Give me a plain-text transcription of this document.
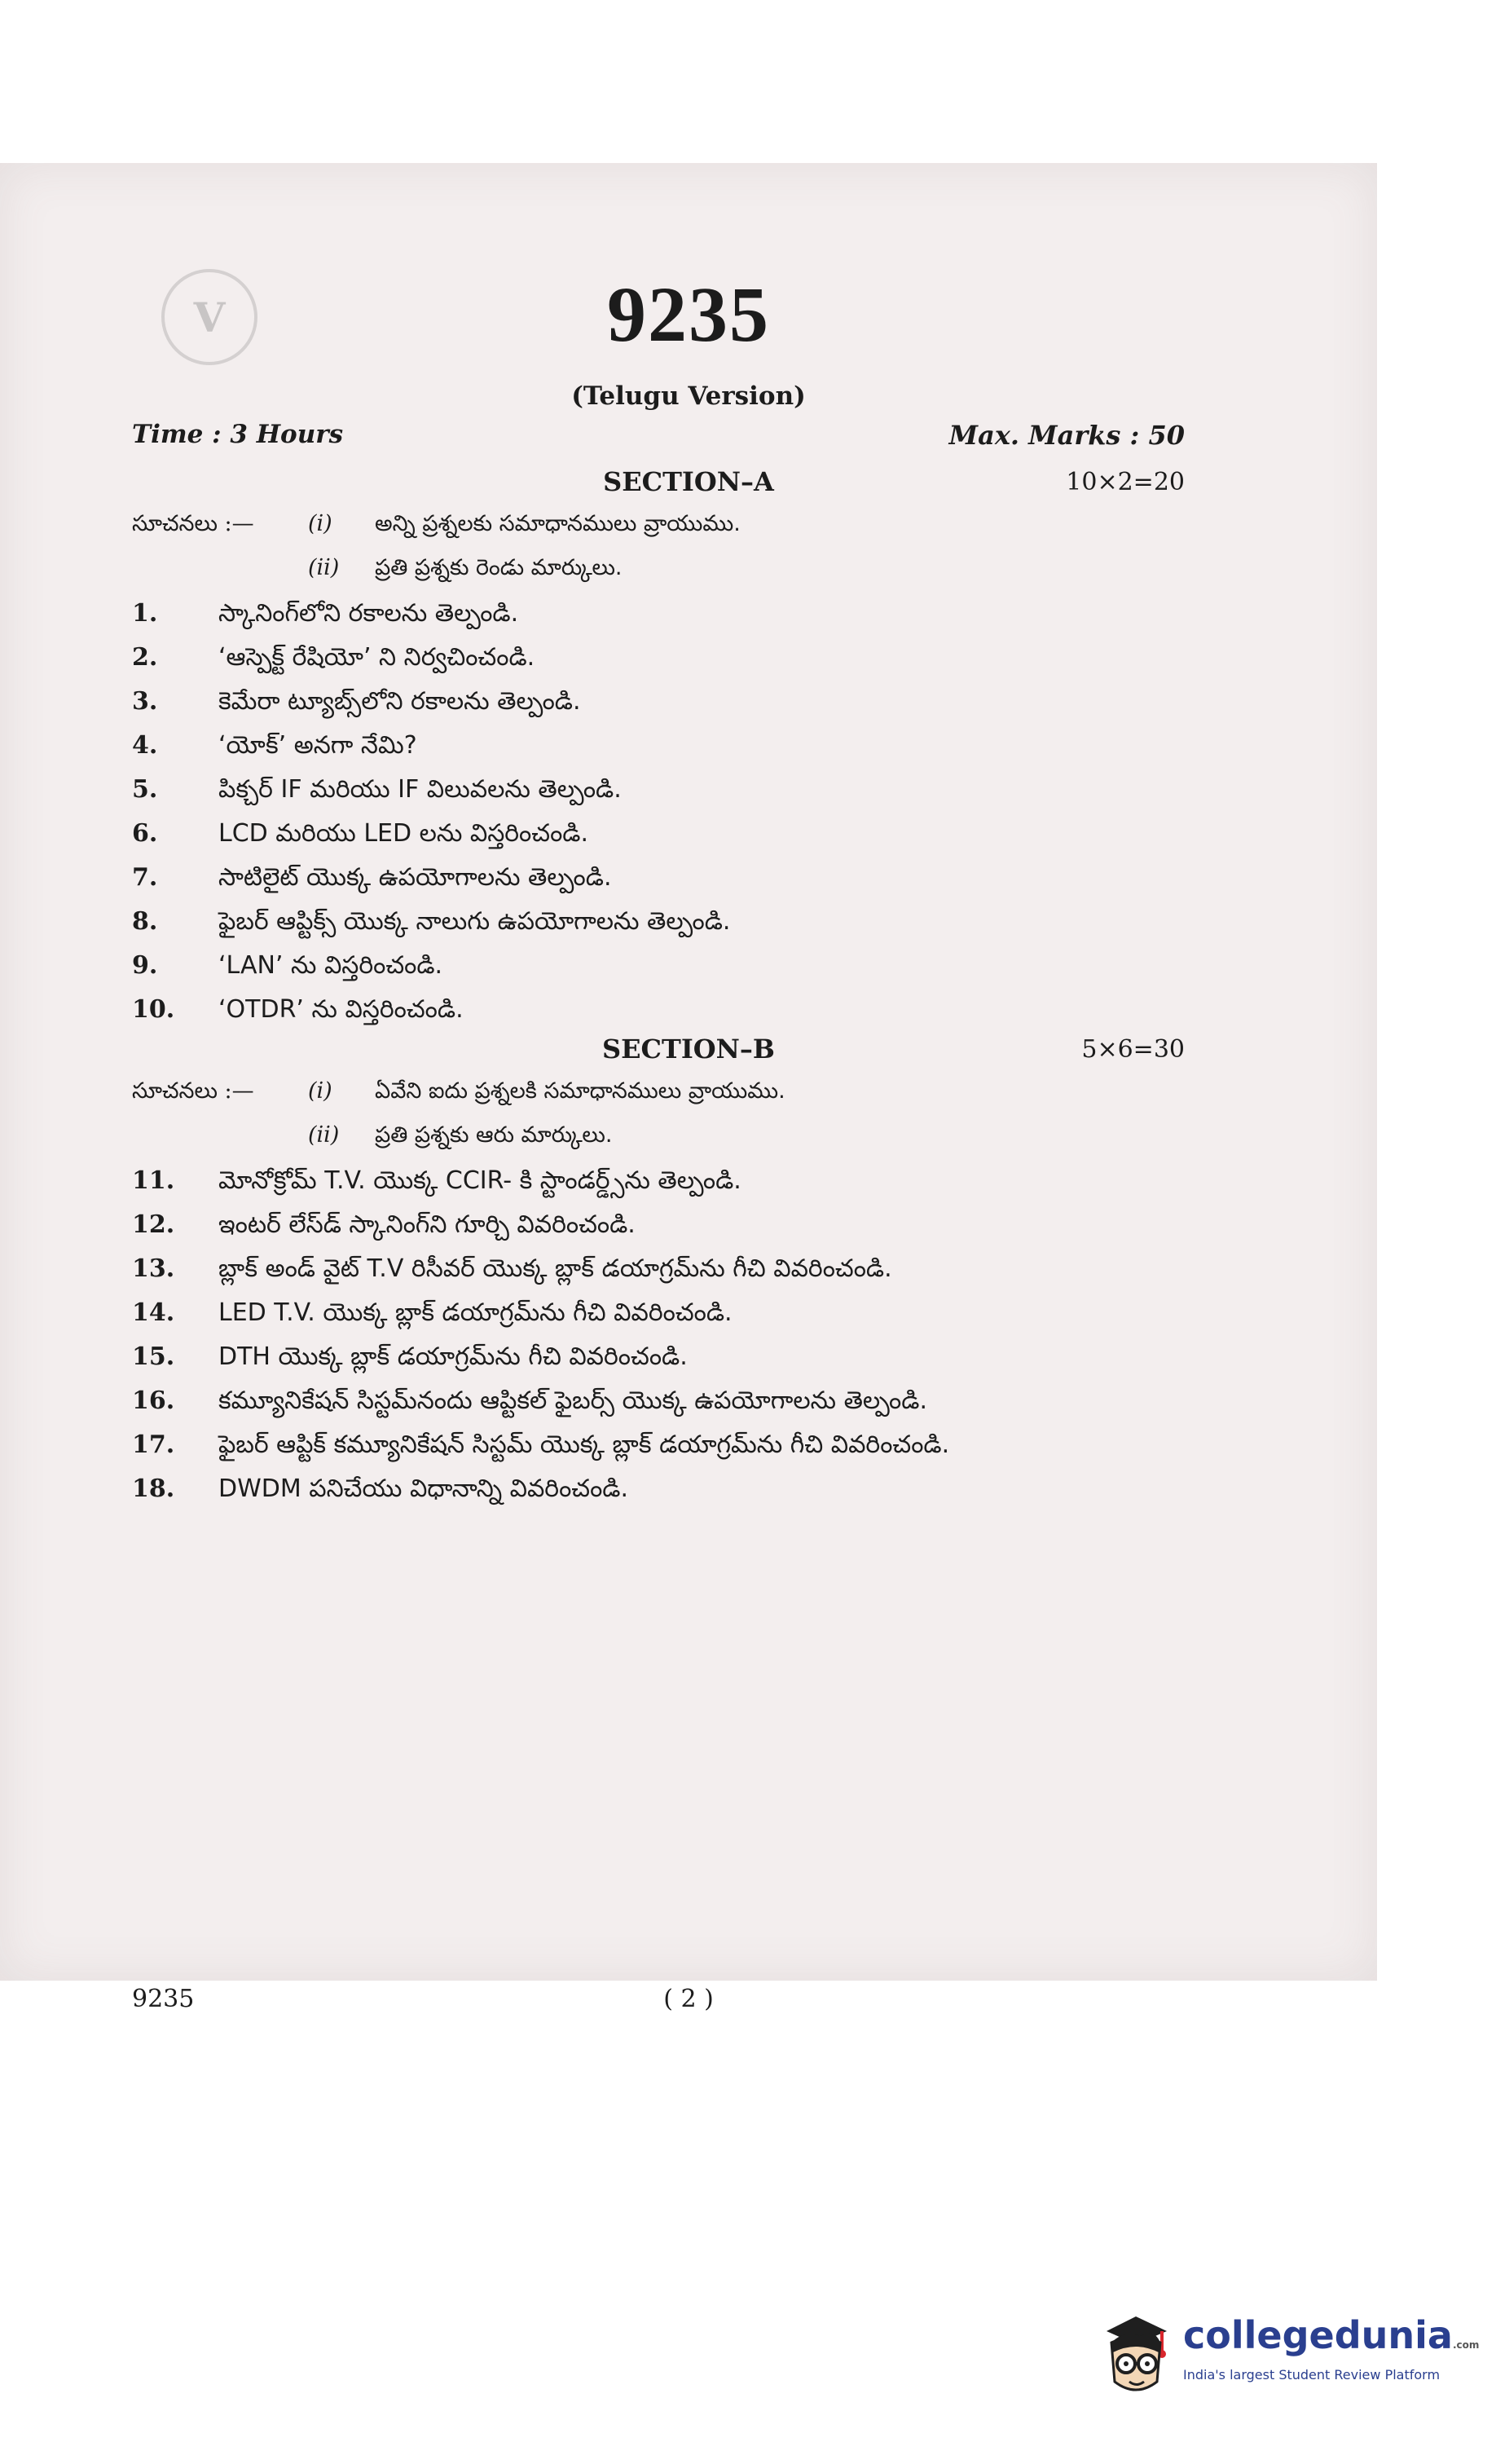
V	9235
(Telugu Version)
Time : 3 Hours	Max. Marks : 50
SECTION–A	10×2=20
సూచనలు :— (i) అన్ని ప్రశ్నలకు సమాధానములు వ్రాయుము.
(ii) ప్రతి ప్రశ్నకు రెండు మార్కులు.
1. స్కానింగ్‌లోని రకాలను తెల్పండి.
2. ‘ఆస్పెక్ట్ రేషియో’ ని నిర్వచించండి.
3. కెమేరా ట్యూబ్స్‌లోని రకాలను తెల్పండి.
4. ‘యోక్’ అనగా నేమి?
5. పిక్చర్ IF మరియు IF విలువలను తెల్పండి.
6. LCD మరియు LED లను విస్తరించండి.
7. సాటిలైట్ యొక్క ఉపయోగాలను తెల్పండి.
8. ఫైబర్ ఆప్టిక్స్ యొక్క నాలుగు ఉపయోగాలను తెల్పండి.
9. ‘LAN’ ను విస్తరించండి.
10. ‘OTDR’ ను విస్తరించండి.
SECTION–B	5×6=30
సూచనలు :— (i) ఏవేని ఐదు ప్రశ్నలకి సమాధానములు వ్రాయుము.
(ii) ప్రతి ప్రశ్నకు ఆరు మార్కులు.
11. మోనోక్రోమ్ T.V. యొక్క CCIR- కి స్టాండర్డ్స్‌ను తెల్పండి.
12. ఇంటర్ లేస్‌డ్ స్కానింగ్‌ని గూర్చి వివరించండి.
13. బ్లాక్ అండ్ వైట్ T.V రిసీవర్ యొక్క బ్లాక్ డయాగ్రమ్‌ను గీచి వివరించండి.
14. LED T.V. యొక్క బ్లాక్ డయాగ్రమ్‌ను గీచి వివరించండి.
15. DTH యొక్క బ్లాక్ డయాగ్రమ్‌ను గీచి వివరించండి.
16. కమ్యూనికేషన్ సిస్టమ్‌నందు ఆప్టికల్ ఫైబర్స్ యొక్క ఉపయోగాలను తెల్పండి.
17. ఫైబర్ ఆప్టిక్ కమ్యూనికేషన్ సిస్టమ్ యొక్క బ్లాక్ డయాగ్రమ్‌ను గీచి వివరించండి.
18. DWDM పనిచేయు విధానాన్ని వివరించండి.
9235	( 2 )
collegedunia.com
India's largest Student Review Platform
